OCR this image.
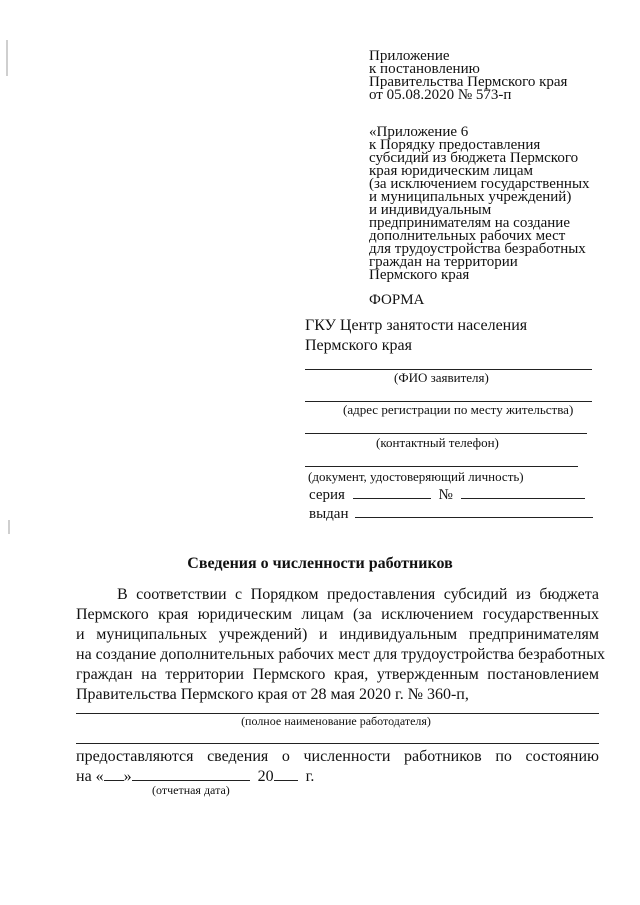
Приложение
к постановлению
Правительства Пермского края
от 05.08.2020 № 573-п
«Приложение 6
к Порядку предоставления
субсидий из бюджета Пермского
края юридическим лицам
(за исключением государственных
и муниципальных учреждений)
и индивидуальным
предпринимателям на создание
дополнительных рабочих мест
для трудоустройства безработных
граждан на территории
Пермского края
ФОРМА
ГКУ Центр занятости населения
Пермского края
(ФИО заявителя)
(адрес регистрации по месту жительства)
(контактный телефон)
(документ, удостоверяющий личность)
серия	№
выдан
Сведения о численности работников
В соответствии с Порядком предоставления субсидий из бюджета
Пермского края юридическим лицам (за исключением государственных
и муниципальных учреждений) и индивидуальным предпринимателям
на создание дополнительных рабочих мест для трудоустройства безработных
граждан на территории Пермского края, утвержденным постановлением
Правительства Пермского края от 28 мая 2020 г. № 360-п,
(полное наименование работодателя)
предоставляются сведения о численности работников по состоянию
на « »	20 г.
(отчетная дата)
